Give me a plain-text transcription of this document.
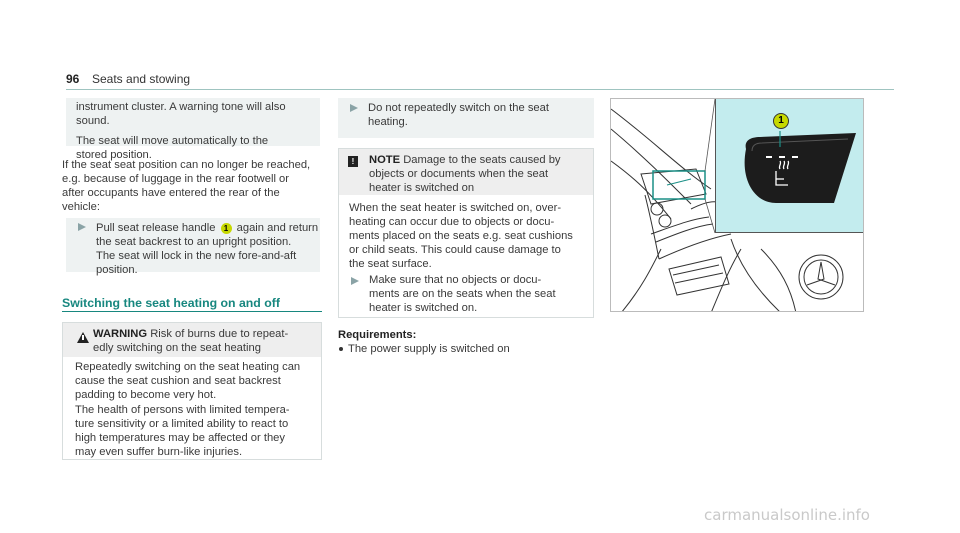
96 Seats and stowing
instrument cluster. A warning tone will also
sound.
The seat will move automatically to the
stored position.
If the seat seat position can no longer be reached,
e.g. because of luggage in the rear footwell or
after occupants have entered the rear of the
vehicle:
Pull seat release handle 1 again and return
the seat backrest to an upright position.
The seat will lock in the new fore-and-aft
position.
Switching the seat heating on and off
WARNING Risk of burns due to repeat-
edly switching on the seat heating
Repeatedly switching on the seat heating can
cause the seat cushion and seat backrest
padding to become very hot.
The health of persons with limited tempera-
ture sensitivity or a limited ability to react to
high temperatures may be affected or they
may even suffer burn-like injuries.
Do not repeatedly switch on the seat
heating.
!	NOTE Damage to the seats caused by
objects or documents when the seat
heater is switched on
When the seat heater is switched on, over-
heating can occur due to objects or docu-
ments placed on the seats e.g. seat cushions
or child seats. This could cause damage to
the seat surface.
Make sure that no objects or docu-
ments are on the seats when the seat
heater is switched on.
Requirements:
The power supply is switched on
1
carmanualsonline.info
